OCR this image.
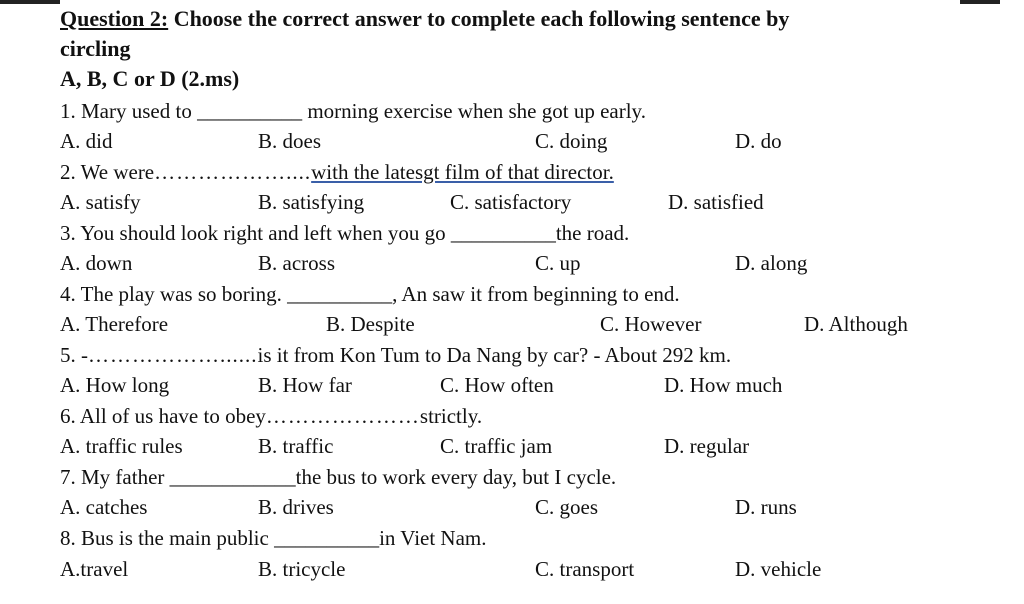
Question 2: Choose the correct answer to complete each following sentence by
circling
A, B, C or D (2.ms)
1. Mary used to __________ morning exercise when she got up early.
A. did	B. does	C. doing	D. do
2. We were………………....with the latesgt film of that director.
A. satisfy	B. satisfying	C. satisfactory	D. satisfied
3. You should look right and left when you go __________the road.
A. down	B. across	C. up	D. along
4. The play was so boring. __________, An saw it from beginning to end.
A. Therefore	B. Despite	C. However	D. Although
5. -………………......is it from Kon Tum to Da Nang by car? - About 292 km.
A. How long	B. How far	C. How often	D. How much
6. All of us have to obey…………………strictly.
A. traffic rules	B. traffic	C. traffic jam	D. regular
7. My father ____________the bus to work every day, but I cycle.
A. catches	B. drives	C. goes	D. runs
8. Bus is the main public __________in Viet Nam.
A.travel	B. tricycle	C. transport	D. vehicle
